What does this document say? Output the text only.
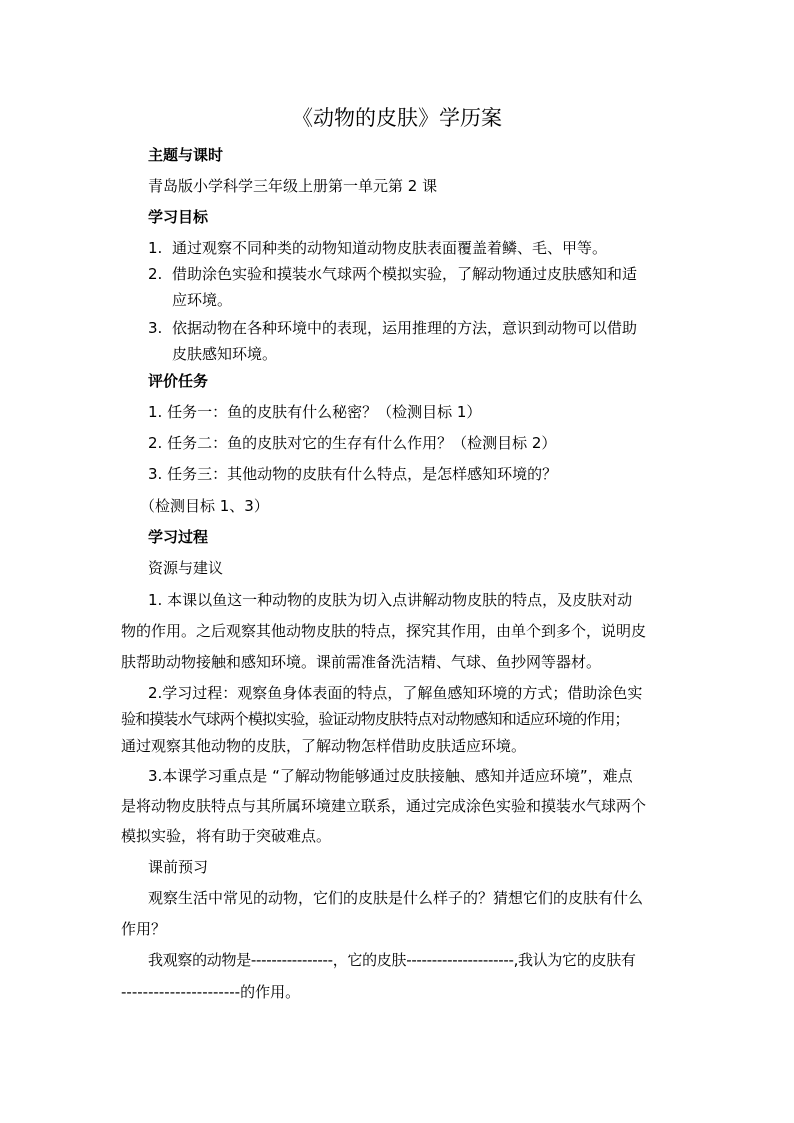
《动物的皮肤》学历案
主题与课时
青岛版小学科学三年级上册第一单元第 2 课
学习目标
1. 通过观察不同种类的动物知道动物皮肤表面覆盖着鳞、毛、甲等。
2. 借助涂色实验和摸装水气球两个模拟实验，了解动物通过皮肤感知和适
应环境。
3. 依据动物在各种环境中的表现，运用推理的方法，意识到动物可以借助
皮肤感知环境。
评价任务
1. 任务一：鱼的皮肤有什么秘密？（检测目标 1）
2. 任务二：鱼的皮肤对它的生存有什么作用？（检测目标 2）
3. 任务三：其他动物的皮肤有什么特点，是怎样感知环境的？
（检测目标 1、3）
学习过程
资源与建议
1. 本课以鱼这一种动物的皮肤为切入点讲解动物皮肤的特点，及皮肤对动
物的作用。之后观察其他动物皮肤的特点，探究其作用，由单个到多个，说明皮
肤帮助动物接触和感知环境。课前需准备洗洁精、气球、鱼抄网等器材。
2.学习过程：观察鱼身体表面的特点，了解鱼感知环境的方式；借助涂色实
验和摸装水气球两个模拟实验，验证动物皮肤特点对动物感知和适应环境的作用；
通过观察其他动物的皮肤，了解动物怎样借助皮肤适应环境。
3.本课学习重点是 “了解动物能够通过皮肤接触、感知并适应环境”，难点
是将动物皮肤特点与其所属环境建立联系，通过完成涂色实验和摸装水气球两个
模拟实验，将有助于突破难点。
课前预习
观察生活中常见的动物，它们的皮肤是什么样子的？猜想它们的皮肤有什么
作用？
我观察的动物是----------------，它的皮肤---------------------,我认为它的皮肤有
----------------------的作用。
